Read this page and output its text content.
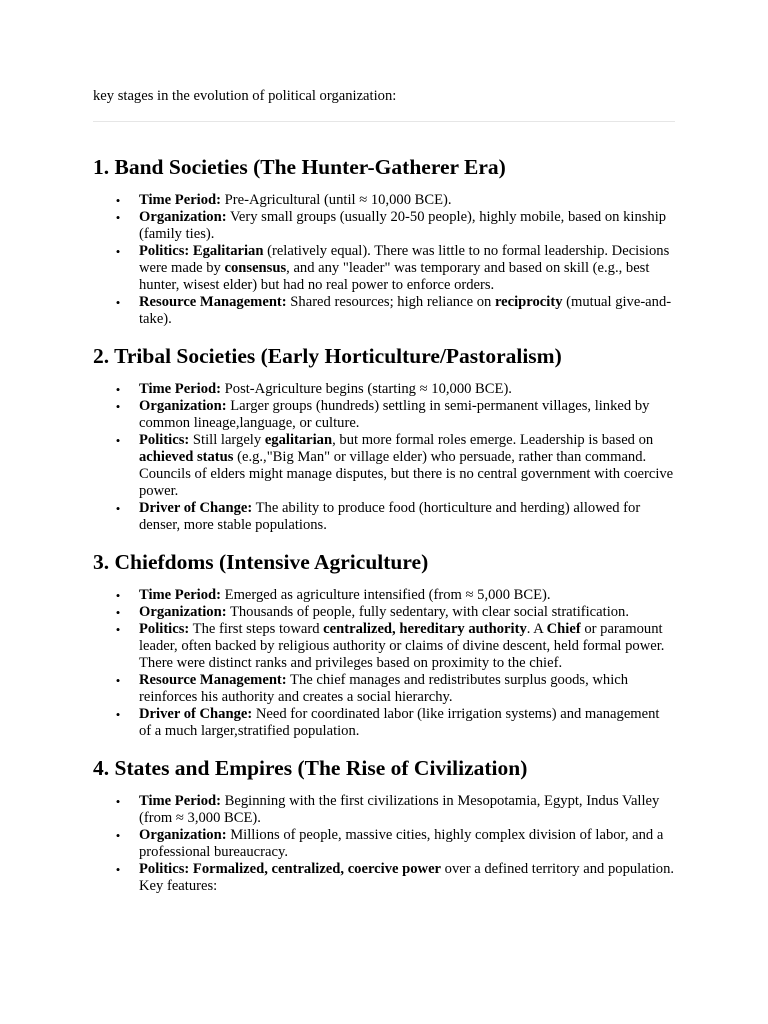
key stages in the evolution of political organization:

1. Band Societies (The Hunter-Gatherer Era)
• Time Period: Pre-Agricultural (until ≈ 10,000 BCE).
• Organization: Very small groups (usually 20-50 people), highly mobile, based on kinship (family ties).
• Politics: Egalitarian (relatively equal). There was little to no formal leadership. Decisions were made by consensus, and any "leader" was temporary and based on skill (e.g., best hunter, wisest elder) but had no real power to enforce orders.
• Resource Management: Shared resources; high reliance on reciprocity (mutual give-and-take).
2. Tribal Societies (Early Horticulture/Pastoralism)
• Time Period: Post-Agriculture begins (starting ≈ 10,000 BCE).
• Organization: Larger groups (hundreds) settling in semi-permanent villages, linked by common lineage,language, or culture.
• Politics: Still largely egalitarian, but more formal roles emerge. Leadership is based on achieved status (e.g.,"Big Man" or village elder) who persuade, rather than command. Councils of elders might manage disputes, but there is no central government with coercive power.
• Driver of Change: The ability to produce food (horticulture and herding) allowed for denser, more stable populations.
3. Chiefdoms (Intensive Agriculture)
• Time Period: Emerged as agriculture intensified (from ≈ 5,000 BCE).
• Organization: Thousands of people, fully sedentary, with clear social stratification.
• Politics: The first steps toward centralized, hereditary authority. A Chief or paramount leader, often backed by religious authority or claims of divine descent, held formal power. There were distinct ranks and privileges based on proximity to the chief.
• Resource Management: The chief manages and redistributes surplus goods, which reinforces his authority and creates a social hierarchy.
• Driver of Change: Need for coordinated labor (like irrigation systems) and management of a much larger,stratified population.
4. States and Empires (The Rise of Civilization)
• Time Period: Beginning with the first civilizations in Mesopotamia, Egypt, Indus Valley (from ≈ 3,000 BCE).
• Organization: Millions of people, massive cities, highly complex division of labor, and a professional bureaucracy.
• Politics: Formalized, centralized, coercive power over a defined territory and population. Key features:
